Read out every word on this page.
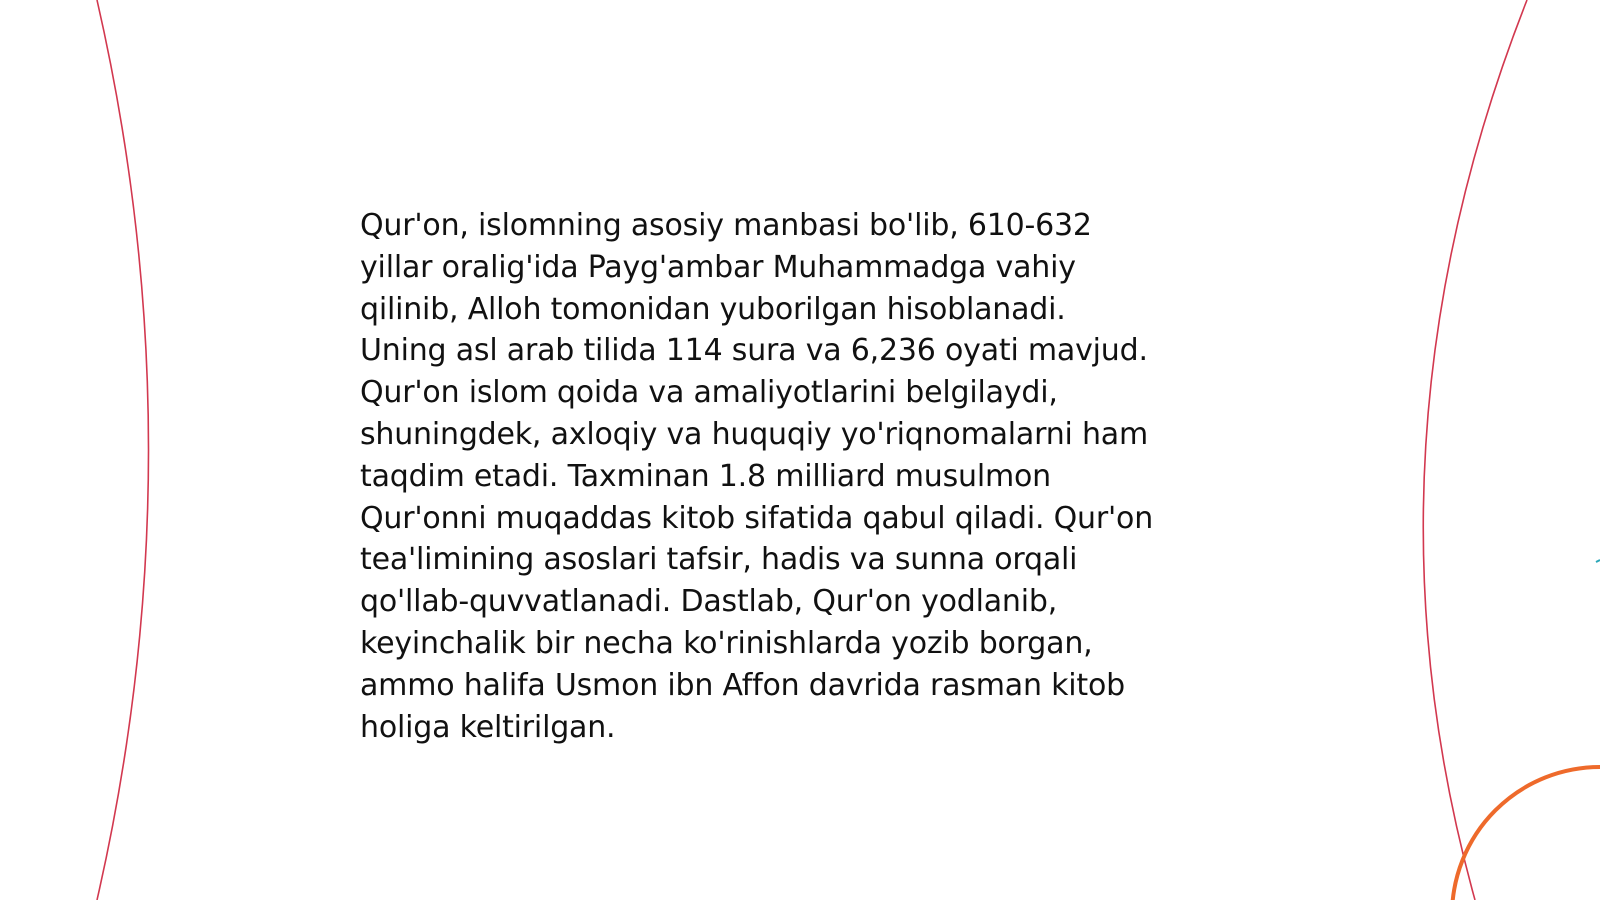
Qur'on, islomning asosiy manbasi bo'lib, 610-632
yillar oralig'ida Payg'ambar Muhammadga vahiy
qilinib, Alloh tomonidan yuborilgan hisoblanadi.
Uning asl arab tilida 114 sura va 6,236 oyati mavjud.
Qur'on islom qoida va amaliyotlarini belgilaydi,
shuningdek, axloqiy va huquqiy yo'riqnomalarni ham
taqdim etadi. Taxminan 1.8 milliard musulmon
Qur'onni muqaddas kitob sifatida qabul qiladi. Qur'on
tea'limining asoslari tafsir, hadis va sunna orqali
qo'llab-quvvatlanadi. Dastlab, Qur'on yodlanib,
keyinchalik bir necha ko'rinishlarda yozib borgan,
ammo halifa Usmon ibn Affon davrida rasman kitob
holiga keltirilgan.
